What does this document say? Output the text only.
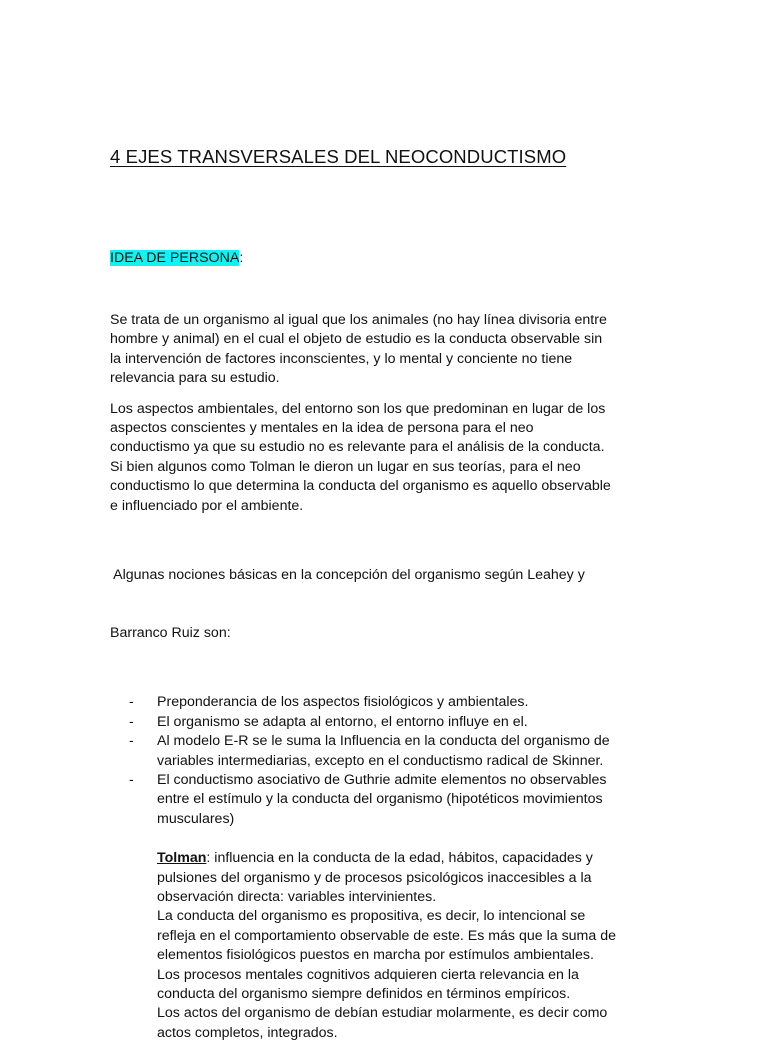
4 EJES TRANSVERSALES DEL NEOCONDUCTISMO
IDEA DE PERSONA:

Se trata de un organismo al igual que los animales (no hay línea divisoria entre
hombre y animal) en el cual el objeto de estudio es la conducta observable sin
la intervención de factores inconscientes, y lo mental y conciente no tiene
relevancia para su estudio.

Los aspectos ambientales, del entorno son los que predominan en lugar de los
aspectos conscientes y mentales en la idea de persona para el neo
conductismo ya que su estudio no es relevante para el análisis de la conducta.
Si bien algunos como Tolman le dieron un lugar en sus teorías, para el neo
conductismo lo que determina la conducta del organismo es aquello observable
e influenciado por el ambiente.

Algunas nociones básicas en la concepción del organismo según Leahey y

Barranco Ruiz son:

- Preponderancia de los aspectos fisiológicos y ambientales.
- El organismo se adapta al entorno, el entorno influye en el.
- Al modelo E-R se le suma la Influencia en la conducta del organismo de
variables intermediarias, excepto en el conductismo radical de Skinner.
- El conductismo asociativo de Guthrie admite elementos no observables
entre el estímulo y la conducta del organismo (hipotéticos movimientos
musculares)
Tolman: influencia en la conducta de la edad, hábitos, capacidades y
pulsiones del organismo y de procesos psicológicos inaccesibles a la
observación directa: variables intervinientes.
La conducta del organismo es propositiva, es decir, lo intencional se
refleja en el comportamiento observable de este. Es más que la suma de
elementos fisiológicos puestos en marcha por estímulos ambientales.
Los procesos mentales cognitivos adquieren cierta relevancia en la
conducta del organismo siempre definidos en términos empíricos.
Los actos del organismo de debían estudiar molarmente, es decir como
actos completos, integrados.
